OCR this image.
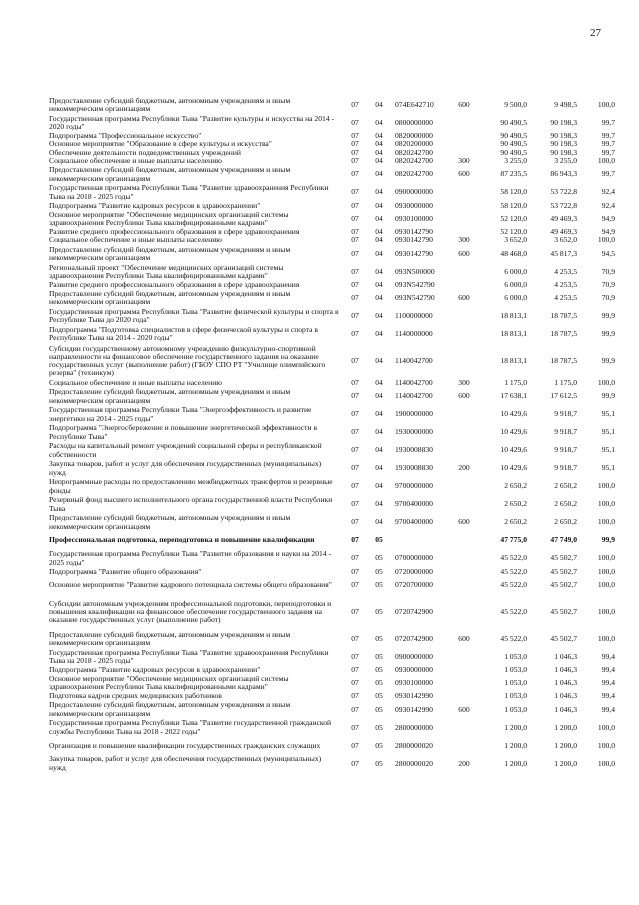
27
Предоставление субсидий бюджетным, автономным учреждениям и иным некоммерческим организациям	07	04	074E642710	600	9 500,0	9 498,5	100,0
Государственная программа Республики Тыва "Развитие культуры и искусства на 2014 - 2020 годы"	07	04	0800000000		90 490,5	90 198,3	99,7
Подпрограмма "Профессиональное искусство"	07	04	0820000000		90 490,5	90 198,3	99,7
Основное мероприятие "Образование в сфере культуры и искусства"	07	04	0820200000		90 490,5	90 198,3	99,7
Обеспечение деятельности подведомственных учреждений	07	04	0820242700		90 490,5	90 198,3	99,7
Социальное обеспечение и иные выплаты населению	07	04	0820242700	300	3 255,0	3 255,0	100,0
Предоставление субсидий бюджетным, автономным учреждениям и иным некоммерческим организациям	07	04	0820242700	600	87 235,5	86 943,3	99,7
Государственная программа Республики Тыва "Развитие здравоохранения Республики Тыва на 2018 - 2025 годы"	07	04	0900000000		58 120,0	53 722,8	92,4
Подпрограмма "Развитие кадровых ресурсов в здравоохранении"	07	04	0930000000		58 120,0	53 722,8	92,4
Основное мероприятие "Обеспечение медицинских организаций системы здравоохранения Республики Тыва квалифицированными кадрами"	07	04	0930100000		52 120,0	49 469,3	94,9
Развитие среднего профессионального образования в сфере здравоохранения	07	04	0930142790		52 120,0	49 469,3	94,9
Социальное обеспечение и иные выплаты населению	07	04	0930142790	300	3 652,0	3 652,0	100,0
Предоставление субсидий бюджетным, автономным учреждениям и иным некоммерческим организациям	07	04	0930142790	600	48 468,0	45 817,3	94,5
Региональный проект "Обеспечение медицинских организаций системы здравоохранения Республики Тыва квалифицированными кадрами"	07	04	093N500000		6 000,0	4 253,5	70,9
Развитие среднего профессионального образования в сфере здравоохранения	07	04	093N542790		6 000,0	4 253,5	70,9
Предоставление субсидий бюджетным, автономным учреждениям и иным некоммерческим организациям	07	04	093N542790	600	6 000,0	4 253,5	70,9
Государственная программа Республики Тыва "Развитие физической культуры и спорта в Республике Тыва до 2020 года"	07	04	1100000000		18 813,1	18 787,5	99,9
Подпрограмма "Подготовка специалистов в сфере физической культуры и спорта в Республике Тыва на 2014 - 2020 годы"	07	04	1140000000		18 813,1	18 787,5	99,9
Субсидии государственному автономному учреждению физкультурно-спортивной направленности на финансовое обеспечение государственного задания на оказание государственных услуг (выполнение работ) (ГБОУ СПО РТ "Училище олимпийского резерва" (техникум)	07	04	1140042700		18 813,1	18 787,5	99,9
Социальное обеспечение и иные выплаты населению	07	04	1140042700	300	1 175,0	1 175,0	100,0
Предоставление субсидий бюджетным, автономным учреждениям и иным некоммерческим организациям	07	04	1140042700	600	17 638,1	17 612,5	99,9
Государственная программа Республики Тыва "Энергоэффективность и развитие энергетики на 2014 - 2025 годы"	07	04	1900000000		10 429,6	9 918,7	95,1
Подпрограмма "Энергосбережение и повышение энергетической эффективности в Республике Тыва"	07	04	1930000000		10 429,6	9 918,7	95,1
Расходы на капитальный ремонт учреждений социальной сферы и республиканской собственности	07	04	1930008830		10 429,6	9 918,7	95,1
Закупка товаров, работ и услуг для обеспечения государственных (муниципальных) нужд	07	04	1930008830	200	10 429,6	9 918,7	95,1
Непрограммные расходы по предоставлению межбюджетных трансфертов и резервные фонды	07	04	9700000000		2 650,2	2 650,2	100,0
Резервный фонд высшего исполнительного органа государственной власти Республики Тыва	07	04	9700400000		2 650,2	2 650,2	100,0
Предоставление субсидий бюджетным, автономным учреждениям и иным некоммерческим организациям	07	04	9700400000	600	2 650,2	2 650,2	100,0
Профессиональная подготовка, переподготовка и повышение квалификации	07	05			47 775,0	47 749,0	99,9
Государственная программа Республики Тыва "Развитие образования и науки на 2014 - 2025 годы"	07	05	0700000000		45 522,0	45 502,7	100,0
Подпрограмма "Развитие общего образования"	07	05	0720000000		45 522,0	45 502,7	100,0
Основное мероприятие "Развитие кадрового потенциала системы общего образования"	07	05	0720700000		45 522,0	45 502,7	100,0
Субсидии автономным учреждениям профессиональной подготовки, переподготовки и повышения квалификации на финансовое обеспечение государственного задания на оказание государственных услуг (выполнение работ)	07	05	0720742900		45 522,0	45 502,7	100,0
Предоставление субсидий бюджетным, автономным учреждениям и иным некоммерческим организациям	07	05	0720742900	600	45 522,0	45 502,7	100,0
Государственная программа Республики Тыва "Развитие здравоохранения Республики Тыва на 2018 - 2025 годы"	07	05	0900000000		1 053,0	1 046,3	99,4
Подпрограмма "Развитие кадровых ресурсов в здравоохранении"	07	05	0930000000		1 053,0	1 046,3	99,4
Основное мероприятие "Обеспечение медицинских организаций системы здравоохранения Республики Тыва квалифицированными кадрами"	07	05	0930100000		1 053,0	1 046,3	99,4
Подготовка кадров средних медицинских работников	07	05	0930142990		1 053,0	1 046,3	99,4
Предоставление субсидий бюджетным, автономным учреждениям и иным некоммерческим организациям	07	05	0930142990	600	1 053,0	1 046,3	99,4
Государственная программа Республики Тыва "Развитие государственной гражданской службы Республики Тыва на 2018 - 2022 годы"	07	05	2800000000		1 200,0	1 200,0	100,0
Организация и повышение квалификации государственных гражданских служащих	07	05	2800000020		1 200,0	1 200,0	100,0
Закупка товаров, работ и услуг для обеспечения государственных (муниципальных) нужд	07	05	2800000020	200	1 200,0	1 200,0	100,0
